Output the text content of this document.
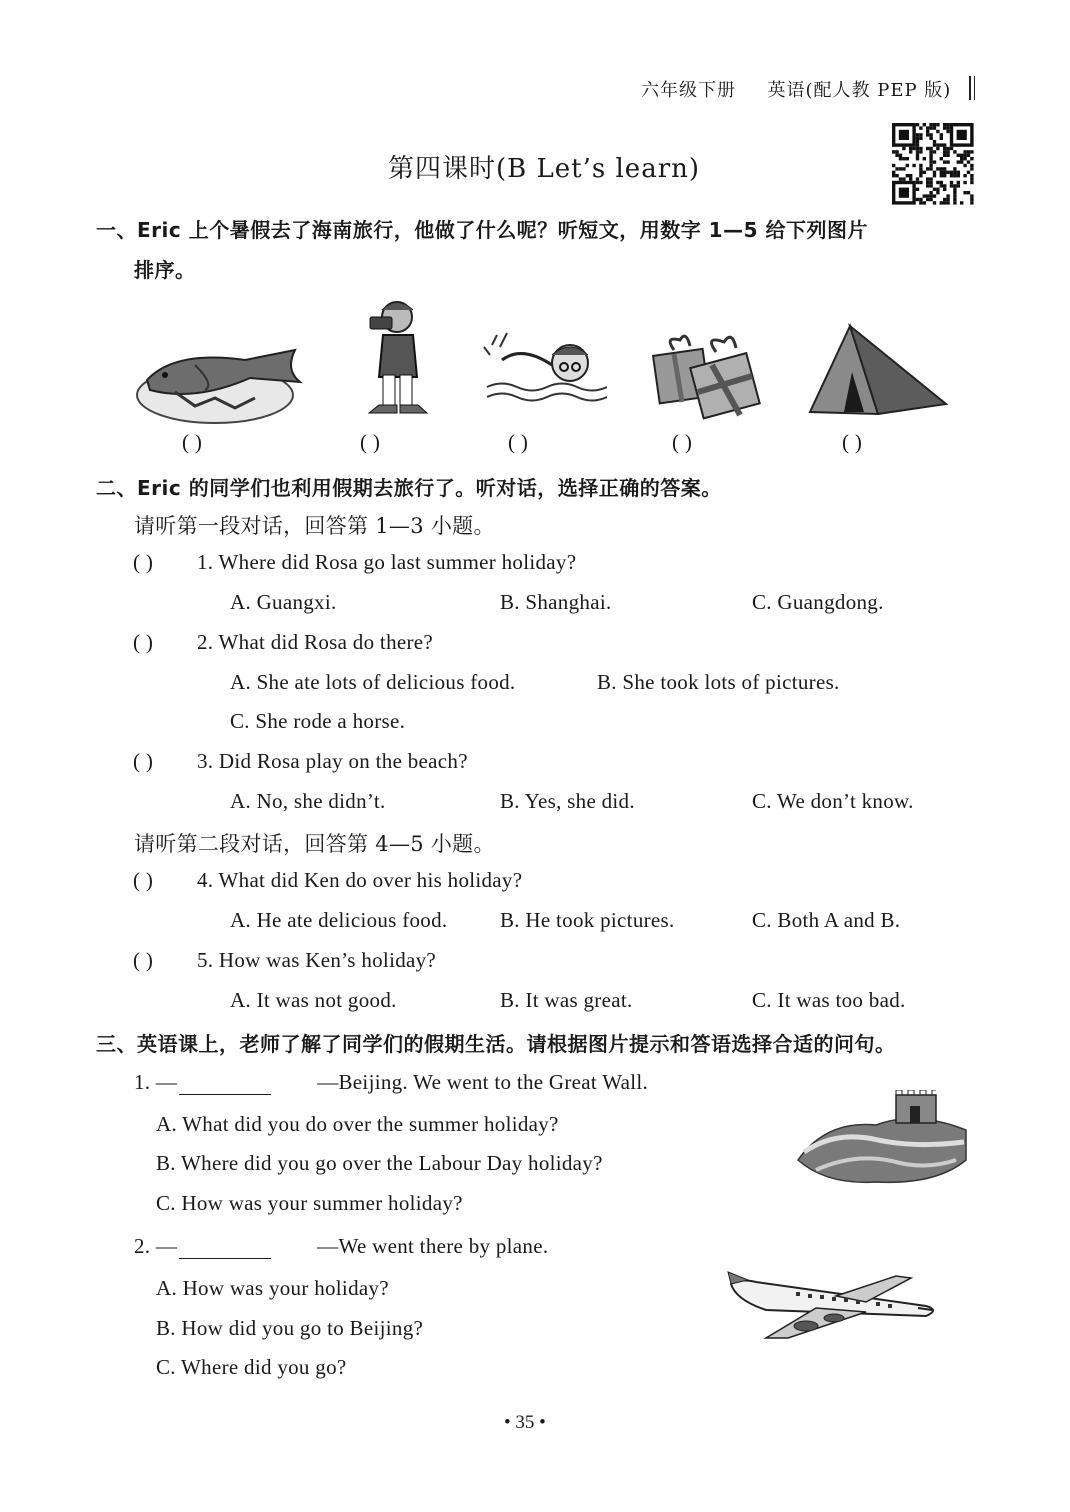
六年级下册 英语(配人教 PEP 版)
第四课时(B Let’s learn)
一、Eric 上个暑假去了海南旅行，他做了什么呢？听短文，用数字 1—5 给下列图片
排序。
( )	( )	( )	( )	( )
二、Eric 的同学们也利用假期去旅行了。听对话，选择正确的答案。
请听第一段对话，回答第 1—3 小题。
( ) 1. Where did Rosa go last summer holiday?
A. Guangxi.	B. Shanghai.	C. Guangdong.
( ) 2. What did Rosa do there?
A. She ate lots of delicious food.	B. She took lots of pictures.
C. She rode a horse.
( ) 3. Did Rosa play on the beach?
A. No, she didn’t.	B. Yes, she did.	C. We don’t know.
请听第二段对话，回答第 4—5 小题。
( ) 4. What did Ken do over his holiday?
A. He ate delicious food.	B. He took pictures.	C. Both A and B.
( ) 5. How was Ken’s holiday?
A. It was not good.	B. It was great.	C. It was too bad.
三、英语课上，老师了解了同学们的假期生活。请根据图片提示和答语选择合适的问句。
1. —	—Beijing. We went to the Great Wall.
A. What did you do over the summer holiday?
B. Where did you go over the Labour Day holiday?
C. How was your summer holiday?
2. —	—We went there by plane.
A. How was your holiday?
B. How did you go to Beijing?
C. Where did you go?
• 35 •
